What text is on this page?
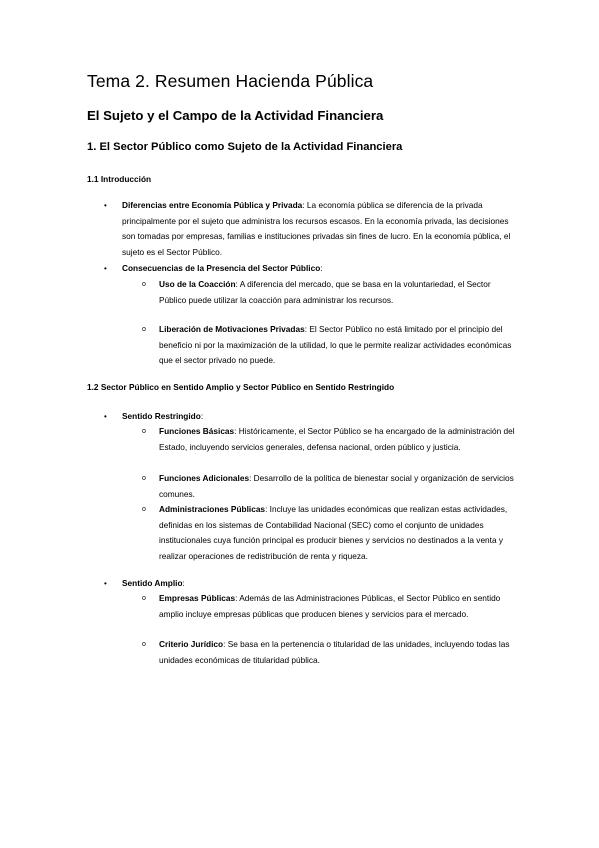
Tema 2. Resumen Hacienda Pública
El Sujeto y el Campo de la Actividad Financiera
1. El Sector Público como Sujeto de la Actividad Financiera
1.1 Introducción
• Diferencias entre Economía Pública y Privada: La economía pública se diferencia de la privada principalmente por el sujeto que administra los recursos escasos. En la economía privada, las decisiones son tomadas por empresas, familias e instituciones privadas sin fines de lucro. En la economía pública, el sujeto es el Sector Público.

• Consecuencias de la Presencia del Sector Público:

o Uso de la Coacción: A diferencia del mercado, que se basa en la voluntariedad, el Sector Público puede utilizar la coacción para administrar los recursos.

o Liberación de Motivaciones Privadas: El Sector Público no está limitado por el principio del beneficio ni por la maximización de la utilidad, lo que le permite realizar actividades económicas que el sector privado no puede.

1.2 Sector Público en Sentido Amplio y Sector Público en Sentido Restringido
• Sentido Restringido:

o Funciones Básicas: Históricamente, el Sector Público se ha encargado de la administración del Estado, incluyendo servicios generales, defensa nacional, orden público y justicia.

o Funciones Adicionales: Desarrollo de la política de bienestar social y organización de servicios comunes.

o Administraciones Públicas: Incluye las unidades económicas que realizan estas actividades, definidas en los sistemas de Contabilidad Nacional (SEC) como el conjunto de unidades institucionales cuya función principal es producir bienes y servicios no destinados a la venta y realizar operaciones de redistribución de renta y riqueza.

• Sentido Amplio:

o Empresas Públicas: Además de las Administraciones Públicas, el Sector Público en sentido amplio incluye empresas públicas que producen bienes y servicios para el mercado.

o Criterio Jurídico: Se basa en la pertenencia o titularidad de las unidades, incluyendo todas las unidades económicas de titularidad pública.
